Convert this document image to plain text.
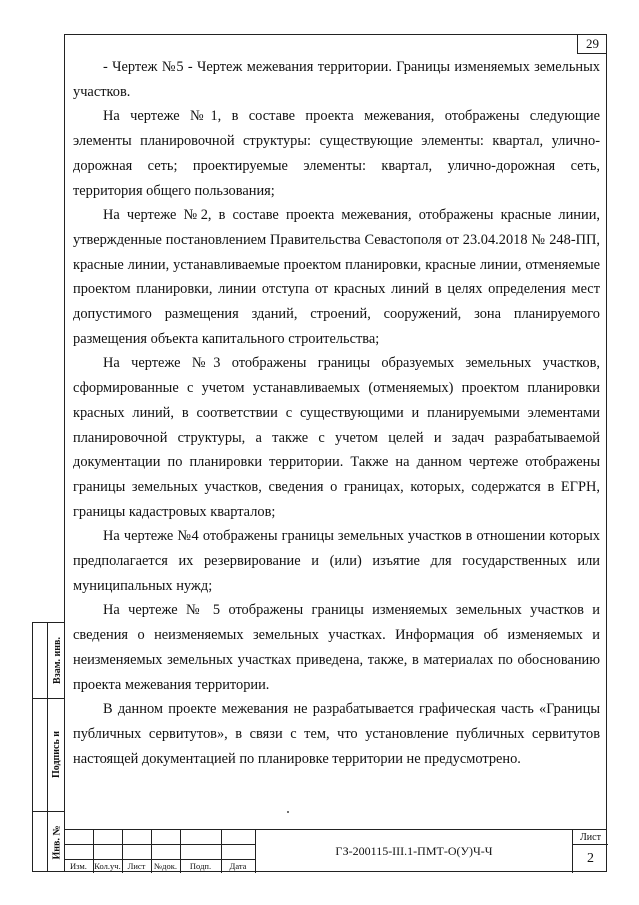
29

- Чертеж №5 - Чертеж межевания территории. Границы изменяемых земельных участков.

На чертеже №1, в составе проекта межевания, отображены следующие элементы планировочной структуры: существующие элементы: квартал, улично-дорожная сеть; проектируемые элементы: квартал, улично-дорожная сеть, территория общего пользования;

На чертеже №2, в составе проекта межевания, отображены красные линии, утвержденные постановлением Правительства Севастополя от 23.04.2018 № 248-ПП, красные линии, устанавливаемые проектом планировки, красные линии, отменяемые проектом планировки, линии отступа от красных линий в целях определения мест допустимого размещения зданий, строений, сооружений, зона планируемого размещения объекта капитального строительства;

На чертеже №3 отображены границы образуемых земельных участков, сформированные с учетом устанавливаемых (отменяемых) проектом планировки красных линий, в соответствии с существующими и планируемыми элементами планировочной структуры, а также с учетом целей и задач разрабатываемой документации по планировки территории. Также на данном чертеже отображены границы земельных участков, сведения о границах, которых, содержатся в ЕГРН, границы кадастровых кварталов;

На чертеже №4 отображены границы земельных участков в отношении которых предполагается их резервирование и (или) изъятие для государственных или муниципальных нужд;

На чертеже № 5 отображены границы изменяемых земельных участков и сведения о неизменяемых земельных участках. Информация об изменяемых и неизменяемых земельных участках приведена, также, в материалах по обоснованию проекта межевания территории.

В данном проекте межевания не разрабатывается графическая часть «Границы публичных сервитутов», в связи с тем, что установление публичных сервитутов настоящей документацией по планировке территории не предусмотрено.

Взам. инв.
Подпись и
Инв. №
Изм. Кол.уч. Лист	№док.	Подп.	Дата
ГЗ-200115-III.1-ПМТ-О(У)Ч-Ч
Лист
2
